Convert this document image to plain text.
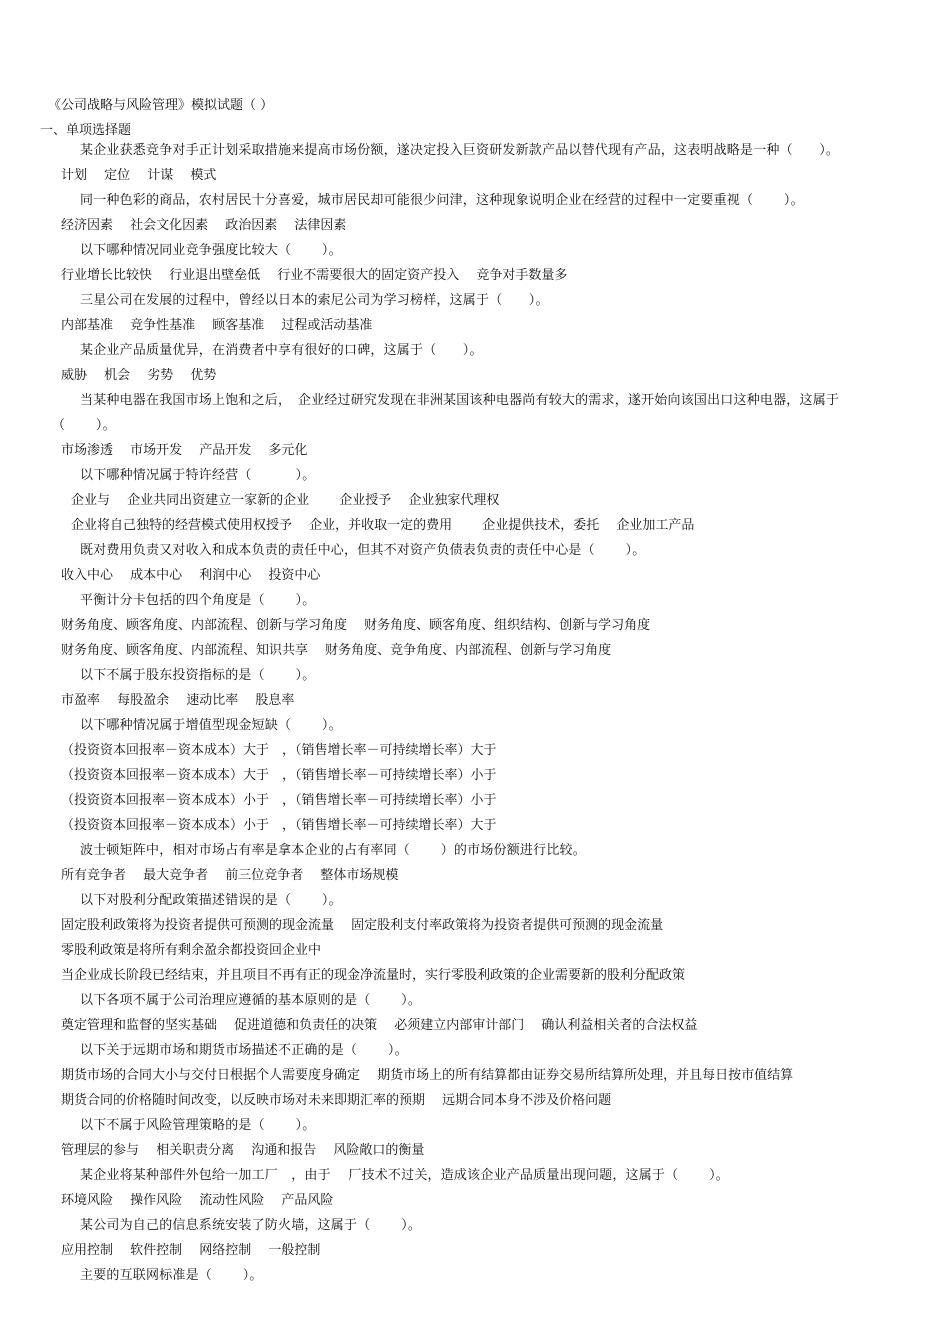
《公司战略与风险管理》模拟试题（ ）
一、单项选择题
某企业获悉竞争对手正计划采取措施来提高市场份额，遂决定投入巨资研发新款产品以替代现有产品，这表明战略是一种（　　）。
计划　 定位　 计谋　 模式
同一种色彩的商品，农村居民十分喜爱，城市居民却可能很少问津，这种现象说明企业在经营的过程中一定要重视（　　 ）。
经济因素　 社会文化因素　 政治因素　 法律因素
以下哪种情况同业竞争强度比较大（　　 ）。
行业增长比较快　 行业退出壁垒低　 行业不需要很大的固定资产投入　 竞争对手数量多
三星公司在发展的过程中，曾经以日本的索尼公司为学习榜样，这属于（　　）。
内部基准　 竞争性基准　 顾客基准　 过程或活动基准
某企业产品质量优异，在消费者中享有很好的口碑，这属于（　　）。
威胁　 机会　 劣势　 优势
当某种电器在我国市场上饱和之后，　企业经过研究发现在非洲某国该种电器尚有较大的需求，遂开始向该国出口这种电器，这属于
（　　 ）。
市场渗透　 市场开发　 产品开发　 多元化
以下哪种情况属于特许经营（　　　 ）。
企业与　 企业共同出资建立一家新的企业　　 企业授予　 企业独家代理权
企业将自己独特的经营模式使用权授予　 企业，并收取一定的费用　　 企业提供技术，委托　 企业加工产品
既对费用负责又对收入和成本负责的责任中心，但其不对资产负债表负责的责任中心是（　　 ）。
收入中心　 成本中心　 利润中心　 投资中心
平衡计分卡包括的四个角度是（　　 ）。
财务角度、顾客角度、内部流程、创新与学习角度　 财务角度、顾客角度、组织结构、创新与学习角度
财务角度、顾客角度、内部流程、知识共享　 财务角度、竞争角度、内部流程、创新与学习角度
以下不属于股东投资指标的是（　　 ）。
市盈率　 每股盈余　 速动比率　 股息率
以下哪种情况属于增值型现金短缺（　　 ）。
（投资资本回报率－资本成本）大于　，（销售增长率－可持续增长率）大于
（投资资本回报率－资本成本）大于　，（销售增长率－可持续增长率）小于
（投资资本回报率－资本成本）小于　，（销售增长率－可持续增长率）小于
（投资资本回报率－资本成本）小于　，（销售增长率－可持续增长率）大于
波士顿矩阵中，相对市场占有率是拿本企业的占有率同（　　 ）的市场份额进行比较。
所有竞争者　 最大竞争者　 前三位竞争者　 整体市场规模
以下对股利分配政策描述错误的是（　　 ）。
固定股利政策将为投资者提供可预测的现金流量　 固定股利支付率政策将为投资者提供可预测的现金流量
零股利政策是将所有剩余盈余都投资回企业中
当企业成长阶段已经结束，并且项目不再有正的现金净流量时，实行零股利政策的企业需要新的股利分配政策
以下各项不属于公司治理应遵循的基本原则的是（　　 ）。
奠定管理和监督的坚实基础　 促进道德和负责任的决策　 必须建立内部审计部门　 确认利益相关者的合法权益
以下关于远期市场和期货市场描述不正确的是（　　 ）。
期货市场的合同大小与交付日根据个人需要度身确定　 期货市场上的所有结算都由证券交易所结算所处理，并且每日按市值结算
期货合同的价格随时间改变，以反映市场对未来即期汇率的预期　 远期合同本身不涉及价格问题
以下不属于风险管理策略的是（　　 ）。
管理层的参与　 相关职责分离　 沟通和报告　 风险敞口的衡量
某企业将某种部件外包给一加工厂　，由于　 厂技术不过关，造成该企业产品质量出现问题，这属于（　　 ）。
环境风险　 操作风险　 流动性风险　 产品风险
某公司为自己的信息系统安装了防火墙，这属于（　　 ）。
应用控制　 软件控制　 网络控制　 一般控制
主要的互联网标准是（　　 ）。
